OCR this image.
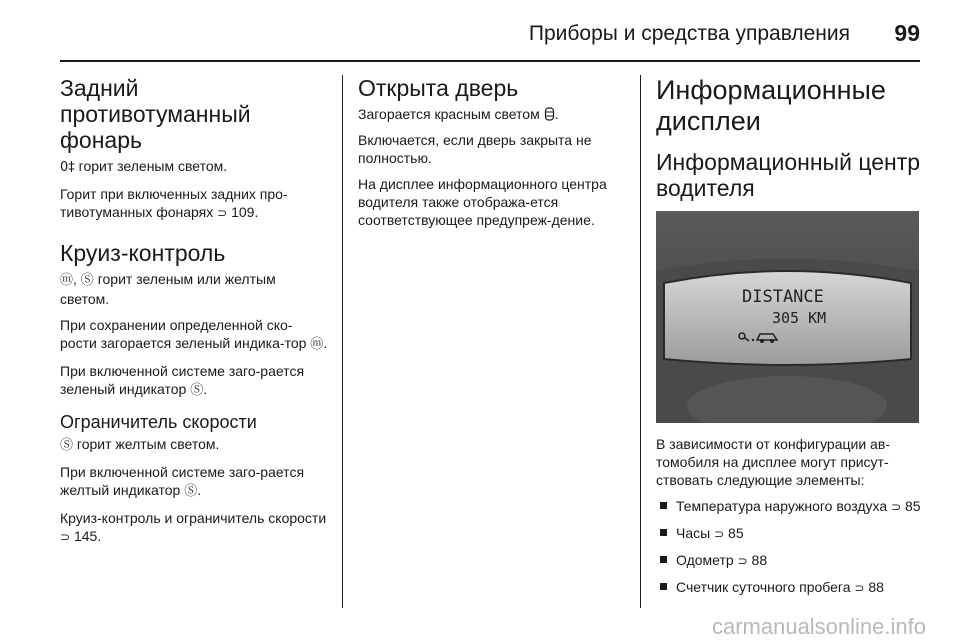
Приборы и средства управления 99
Задний противотуманный фонарь

0‡ горит зеленым светом.

Горит при включенных задних про-тивотуманных фонарях ⊃ 109.

Круиз-контроль

ⓜ, Ⓢ горит зеленым или желтым светом.

При сохранении определенной ско-рости загорается зеленый индика-тор ⓜ.

При включенной системе заго-рается зеленый индикатор Ⓢ.

Ограничитель скорости

Ⓢ горит желтым светом.

При включенной системе заго-рается желтый индикатор Ⓢ.

Круиз-контроль и ограничитель скорости ⊃ 145.

Открыта дверь

Загорается красным светом .

Включается, если дверь закрыта не полностью.

На дисплее информационного центра водителя также отобража-ется соответствующее предупреж-дение.

Информационные дисплеи
Информационный центр водителя
DISTANCE
305 KM

В зависимости от конфигурации ав-томобиля на дисплее могут присут-ствовать следующие элементы:

Температура наружного воздуха ⊃ 85
Часы ⊃ 85
Одометр ⊃ 88
Счетчик суточного пробега ⊃ 88
carmanualsonline.info
